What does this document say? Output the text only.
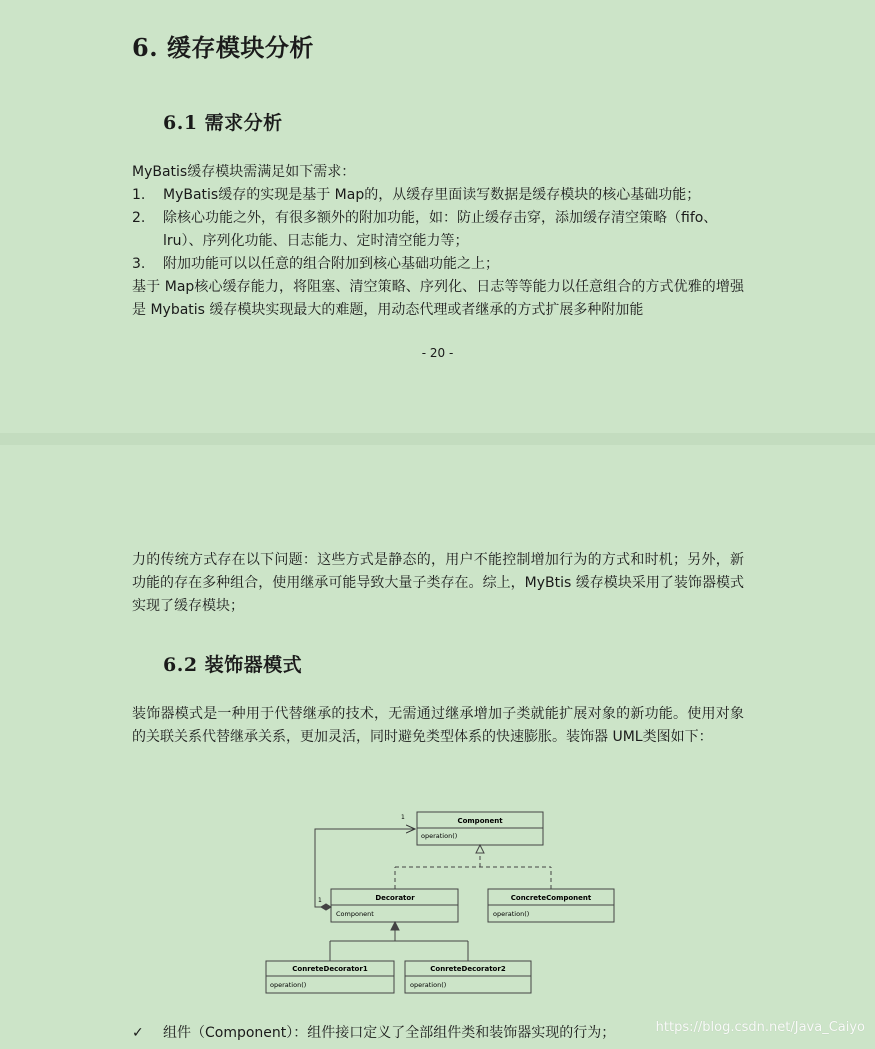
6. 缓存模块分析
6.1 需求分析

MyBatis缓存模块需满足如下需求：

1. MyBatis缓存的实现是基于 Map的，从缓存里面读写数据是缓存模块的核心基础功能；
2. 除核心功能之外，有很多额外的附加功能，如：防止缓存击穿，添加缓存清空策略（fifo、lru）、序列化功能、日志能力、定时清空能力等；
3. 附加功能可以以任意的组合附加到核心基础功能之上；

基于 Map核心缓存能力，将阻塞、清空策略、序列化、日志等等能力以任意组合的方式优雅的增强是 Mybatis 缓存模块实现最大的难题，用动态代理或者继承的方式扩展多种附加能

- 20 -

力的传统方式存在以下问题：这些方式是静态的，用户不能控制增加行为的方式和时机；另外，新功能的存在多种组合，使用继承可能导致大量子类存在。综上，MyBtis 缓存模块采用了装饰器模式实现了缓存模块；

6.2 装饰器模式

装饰器模式是一种用于代替继承的技术，无需通过继承增加子类就能扩展对象的新功能。使用对象的关联关系代替继承关系，更加灵活，同时避免类型体系的快速膨胀。装饰器 UML类图如下：

Component
operation()
Decorator
Component
ConcreteComponent
operation()
ConreteDecorator1
operation()
ConreteDecorator2
operation()
1
1
✓ 组件（Component）：组件接口定义了全部组件类和装饰器实现的行为；	https://blog.csdn.net/Java_Caiyo
